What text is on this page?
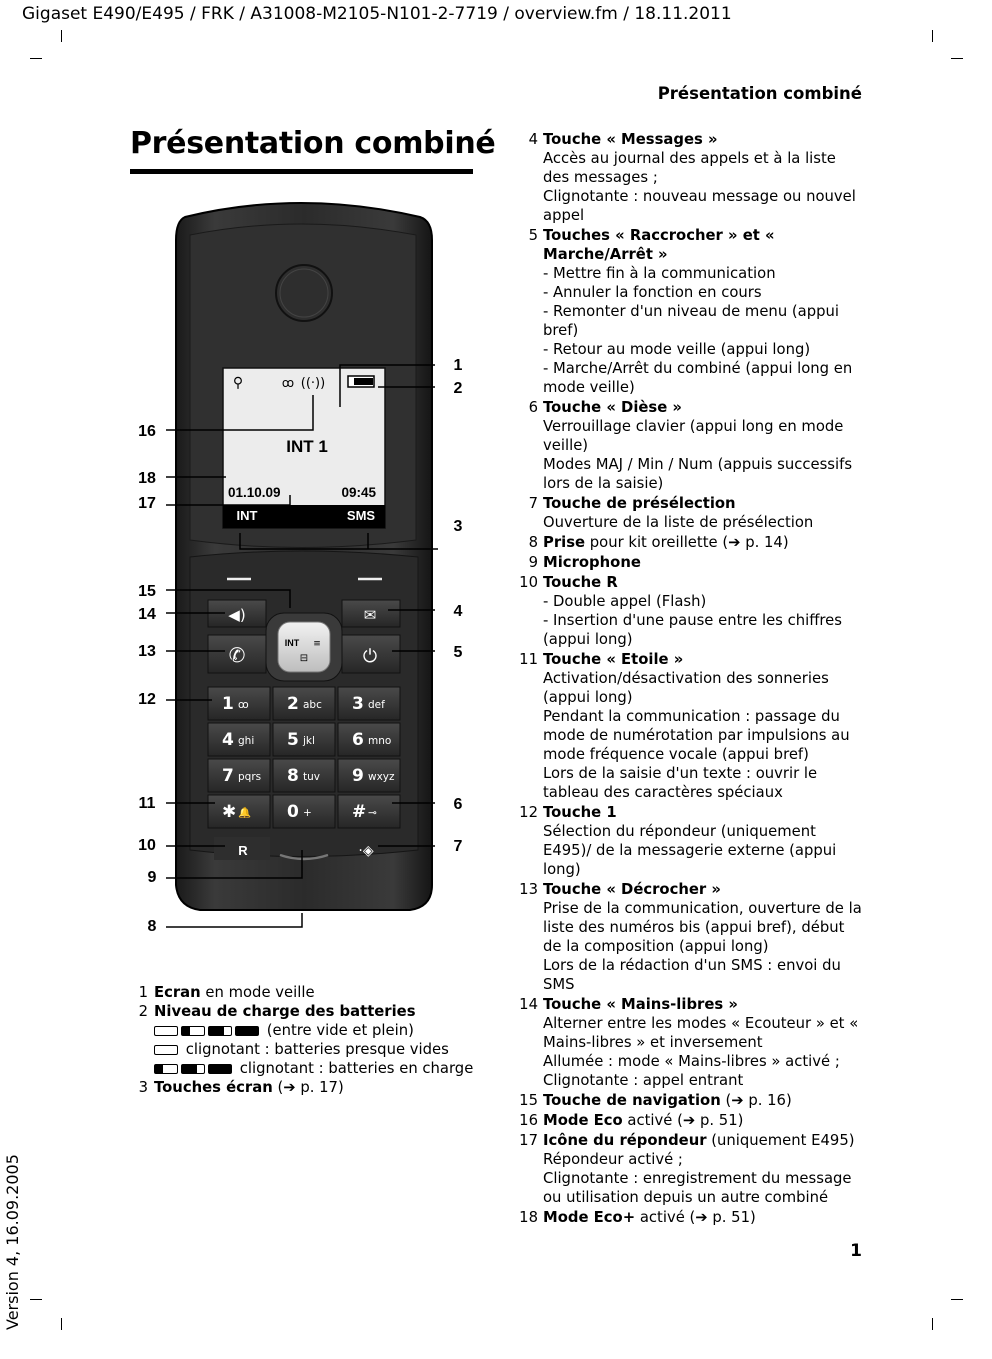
Gigaset E490/E495 / FRK / A31008-M2105-N101-2-7719 / overview.fm / 18.11.2011
Présentation combiné
Présentation combiné
⚲	ꝏ ((·))
INT 1
01.10.09	09:45
INT	SMS
◀)	✉
✆	⏻
INT ≡
⊟
1 ꝏ 2 abc 3 def
4 ghi 5 jkl 6 mno
7 pqrs 8 tuv 9 wxyz
✱ 🔔 0 + # ⊸
R	·◈
1
2
3
4
5
6
7
8
9
10
11
12
13
14
15
16
17
18
1 Ecran en mode veille
2 Niveau de charge des batteries
(entre vide et plein)
clignotant : batteries presque vides
clignotant : batteries en charge
3 Touches écran (➔ p. 17)
4 Touche « Messages »
Accès au journal des appels et à la liste des messages ;
Clignotante : nouveau message ou nouvel appel
5 Touches « Raccrocher » et « Marche/Arrêt »
- Mettre fin à la communication
- Annuler la fonction en cours
- Remonter d'un niveau de menu (appui bref)
- Retour au mode veille (appui long)
- Marche/Arrêt du combiné (appui long en mode veille)
6 Touche « Dièse »
Verrouillage clavier (appui long en mode veille)
Modes MAJ / Min / Num (appuis successifs lors de la saisie)
7 Touche de présélection
Ouverture de la liste de présélection
8 Prise pour kit oreillette (➔ p. 14)
9 Microphone
10 Touche R
- Double appel (Flash)
- Insertion d'une pause entre les chiffres (appui long)
11 Touche « Etoile »
Activation/désactivation des sonneries (appui long)
Pendant la communication : passage du mode de numérotation par impulsions au mode fréquence vocale (appui bref)
Lors de la saisie d'un texte : ouvrir le tableau des caractères spéciaux
12 Touche 1
Sélection du répondeur (uniquement E495)/ de la messagerie externe (appui long)
13 Touche « Décrocher »
Prise de la communication, ouverture de la liste des numéros bis (appui bref), début de la composition (appui long)
Lors de la rédaction d'un SMS : envoi du SMS
14 Touche « Mains-libres »
Alterner entre les modes « Ecouteur » et « Mains-libres » et inversement
Allumée : mode « Mains-libres » activé ;
Clignotante : appel entrant
15 Touche de navigation (➔ p. 16)
16 Mode Eco activé (➔ p. 51)
17 Icône du répondeur (uniquement E495)
Répondeur activé ;
Clignotante : enregistrement du message ou utilisation depuis un autre combiné
18 Mode Eco+ activé (➔ p. 51)
1
Version 4, 16.09.2005
